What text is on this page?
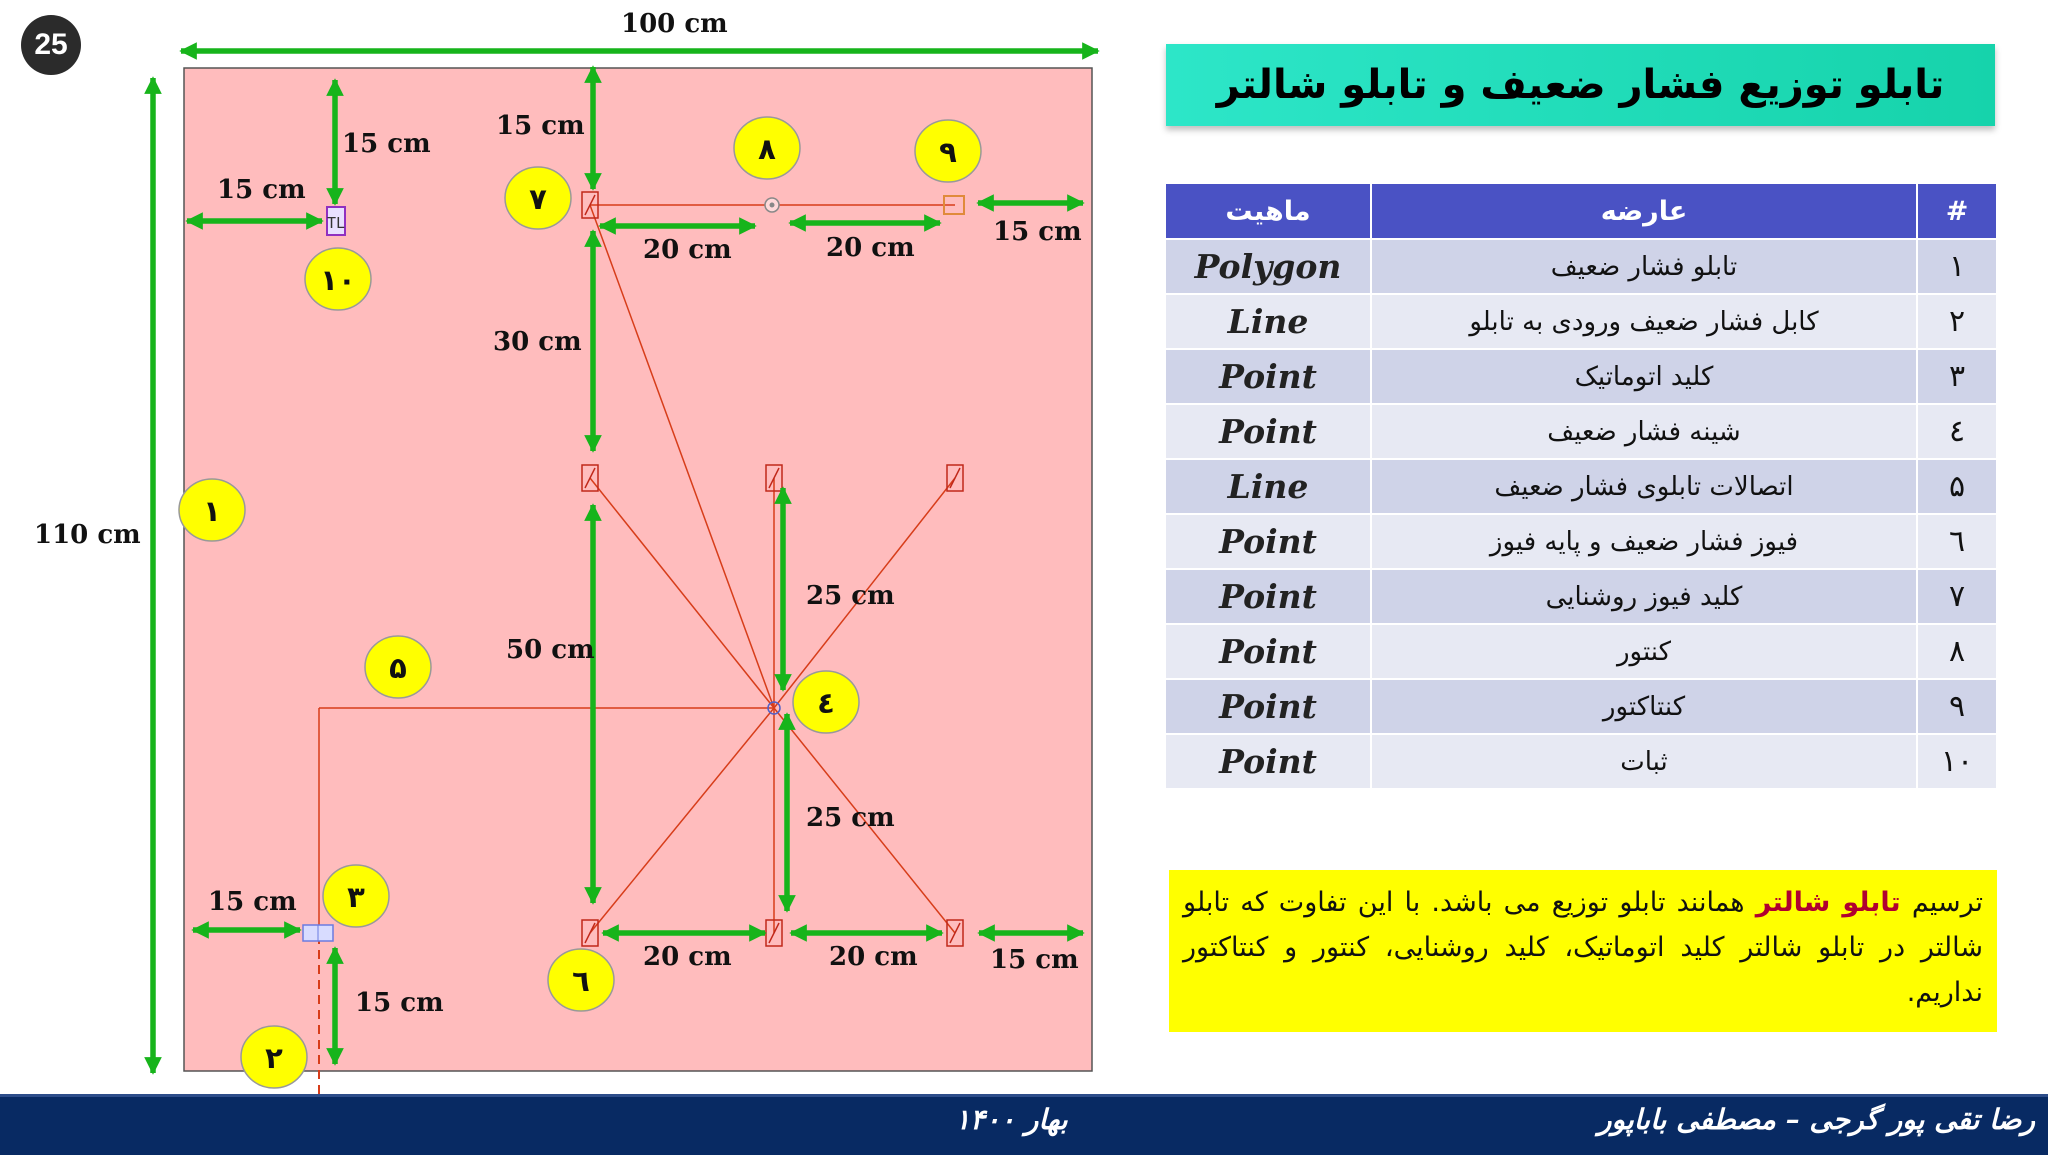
25
TL
100 cm
110 cm
15 cm
15 cm
15 cm
20 cm	20 cm
15 cm
30 cm
50 cm
25 cm
25 cm
15 cm
15 cm
20 cm	20 cm	15 cm
۱
۲
۳
٤
۵
٦
۷
۸	۹
۱۰
تابلو توزیع فشار ضعیف و تابلو شالتر
ماهیت	عارضه	#
Polygon	تابلو فشار ضعیف	۱
Line	کابل فشار ضعیف ورودی به تابلو	۲
Point	کلید اتوماتیک	۳
Point	شینه فشار ضعیف	٤
Line	اتصالات تابلوی فشار ضعیف	۵
Point	فیوز فشار ضعیف و پایه فیوز	٦
Point	کلید فیوز روشنایی	۷
Point	کنتور	۸
Point	کنتاکتور	۹
Point	ثبات	۱۰
ترسیم تابلو شالتر همانند تابلو توزیع می باشد. با این تفاوت که تابلو شالتر در تابلو شالتر کلید اتوماتیک، کلید روشنایی، کنتور و کنتاکتور نداریم.
رضا تقی پور گرجی – مصطفی باباپور
بهار ۱۴۰۰
